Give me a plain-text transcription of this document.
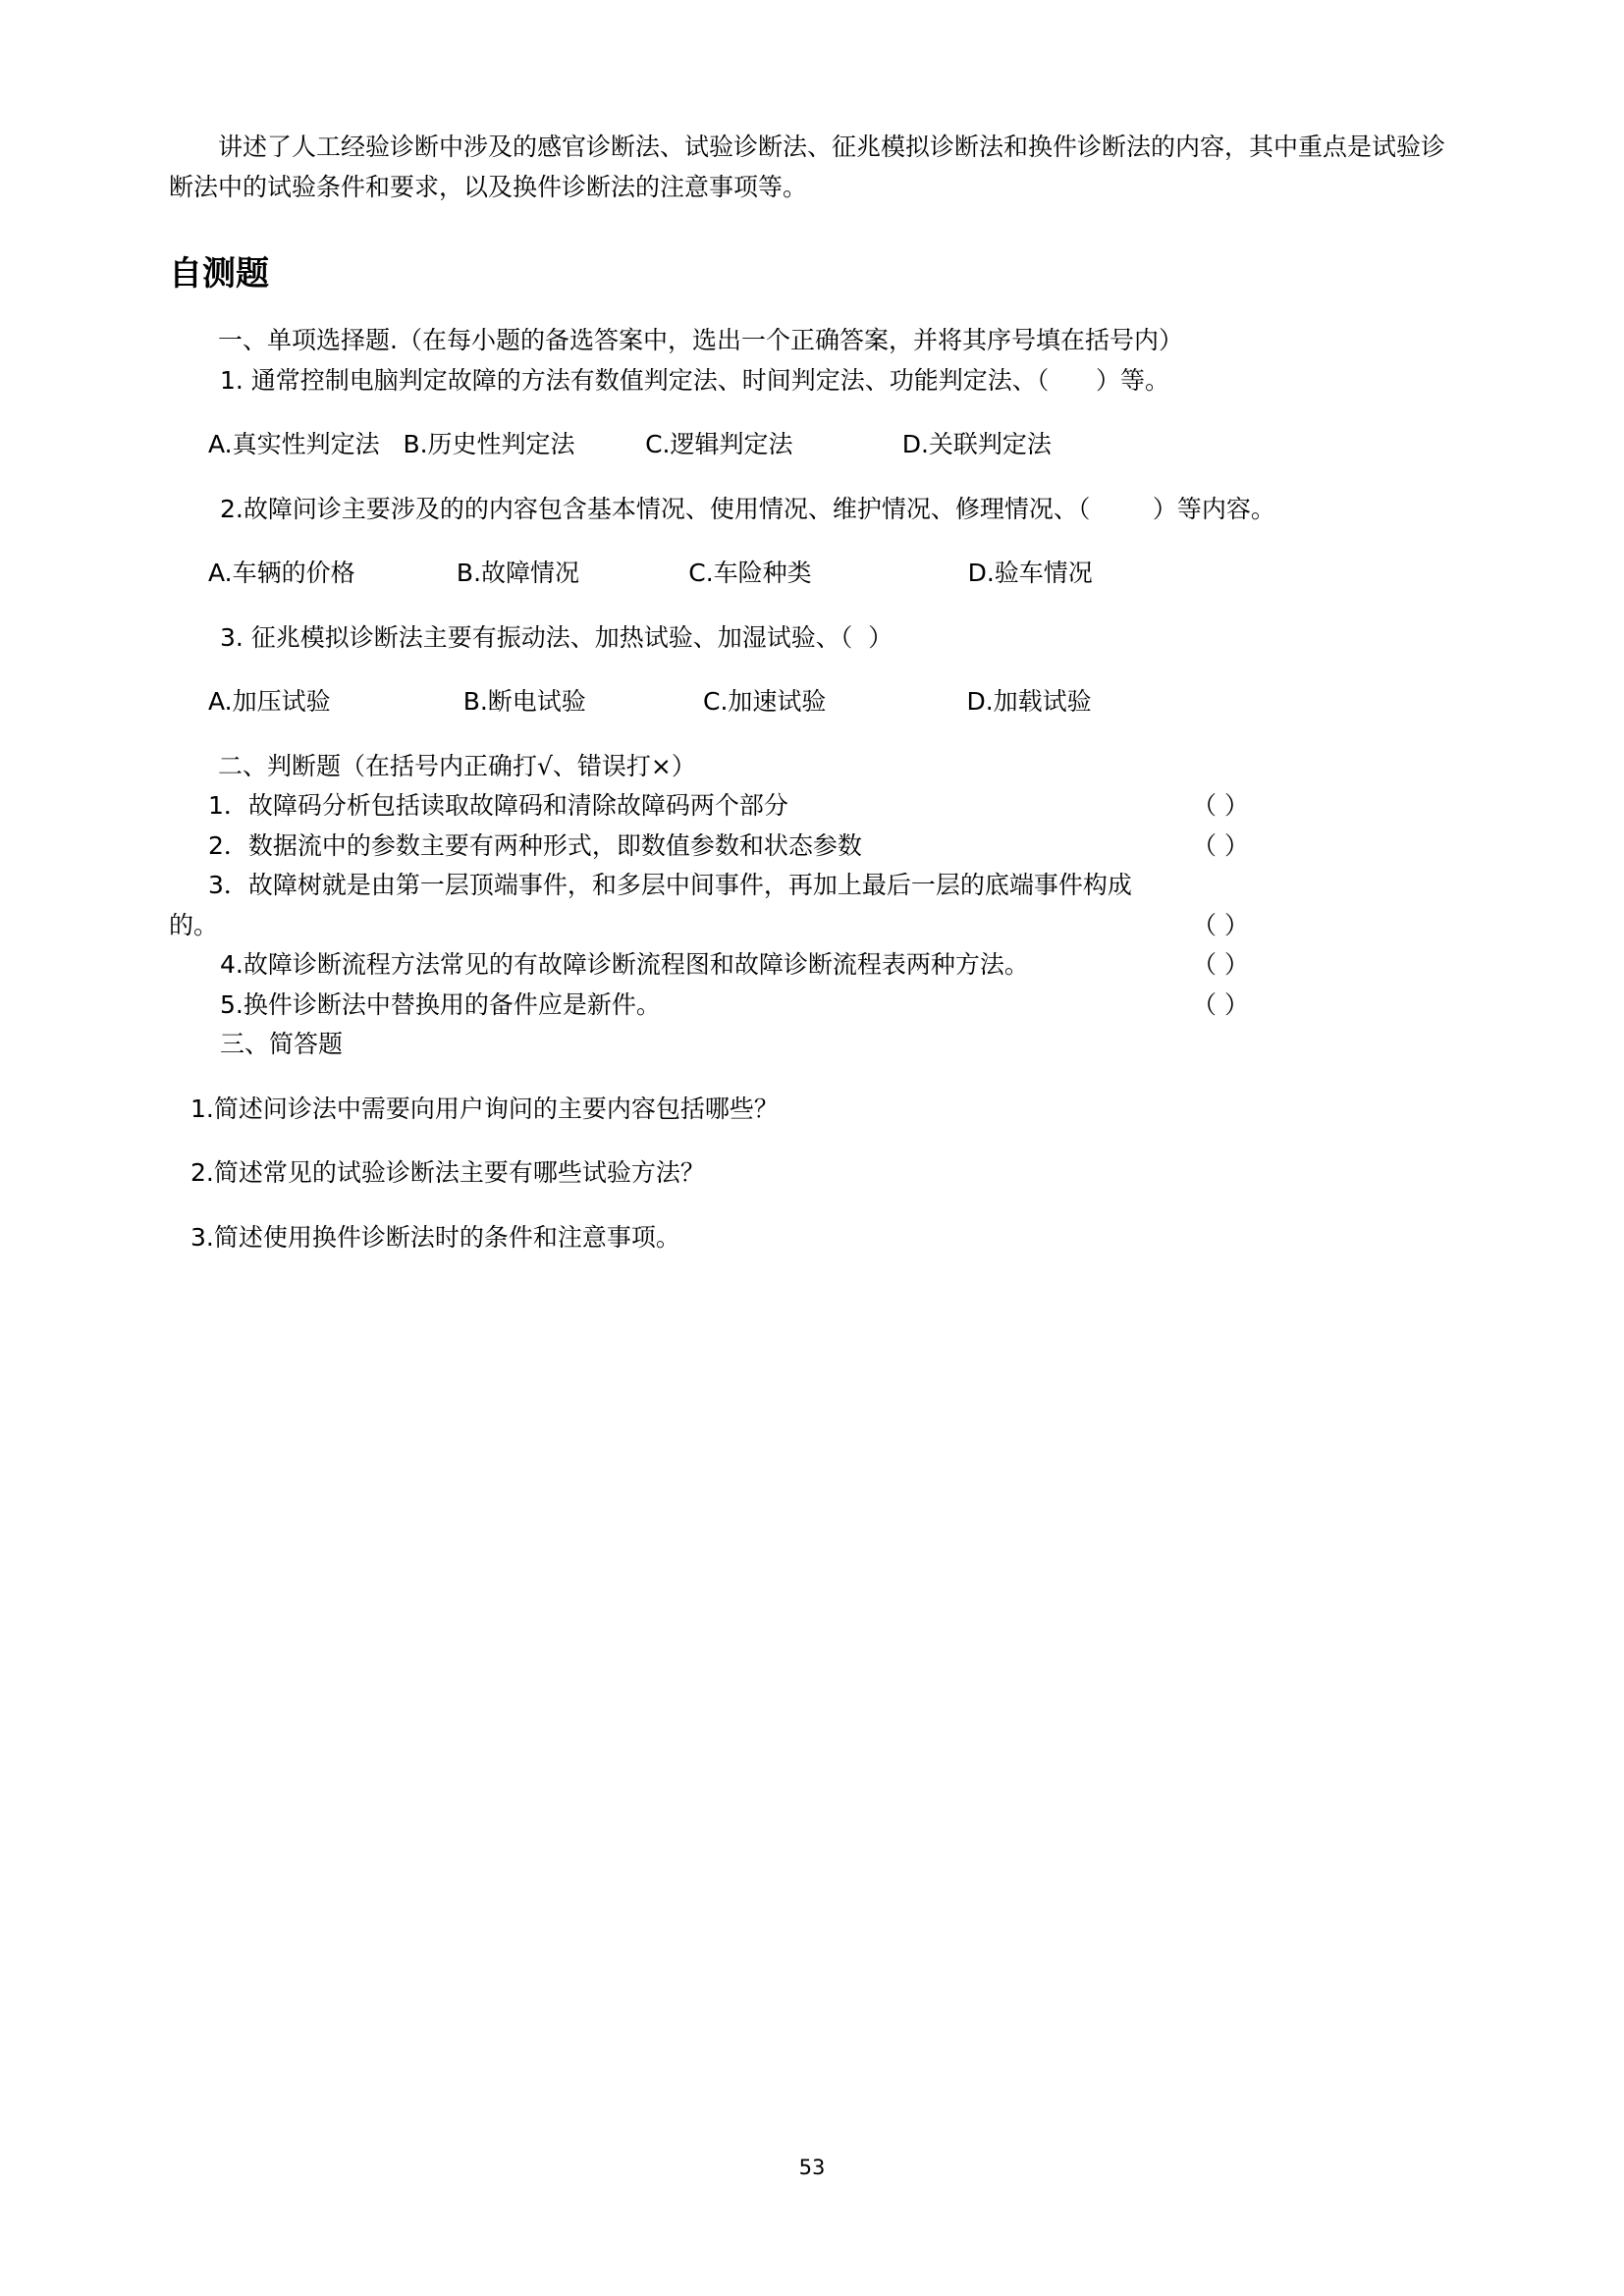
讲述了人工经验诊断中涉及的感官诊断法、试验诊断法、征兆模拟诊断法和换件诊断法的内容，其中重点是试验诊断法中的试验条件和要求，以及换件诊断法的注意事项等。

自测题

一、单项选择题.（在每小题的备选答案中，选出一个正确答案，并将其序号填在括号内）

1. 通常控制电脑判定故障的方法有数值判定法、时间判定法、功能判定法、（      ）等。

A.真实性判定法   B.历史性判定法         C.逻辑判定法              D.关联判定法

2.故障问诊主要涉及的的内容包含基本情况、使用情况、维护情况、修理情况、（        ）等内容。

A.车辆的价格             B.故障情况              C.车险种类                    D.验车情况

3. 征兆模拟诊断法主要有振动法、加热试验、加湿试验、（  ）

A.加压试验                 B.断电试验               C.加速试验                  D.加载试验

二、判断题（在括号内正确打√、错误打×）

1．故障码分析包括读取故障码和清除故障码两个部分	（ ）
2．数据流中的参数主要有两种形式，即数值参数和状态参数	（ ）
3．故障树就是由第一层顶端事件，和多层中间事件，再加上最后一层的底端事件构成
的。	（ ）
4.故障诊断流程方法常见的有故障诊断流程图和故障诊断流程表两种方法。	（ ）
5.换件诊断法中替换用的备件应是新件。	（ ）

三、简答题

1.简述问诊法中需要向用户询问的主要内容包括哪些？

2.简述常见的试验诊断法主要有哪些试验方法？

3.简述使用换件诊断法时的条件和注意事项。

53
